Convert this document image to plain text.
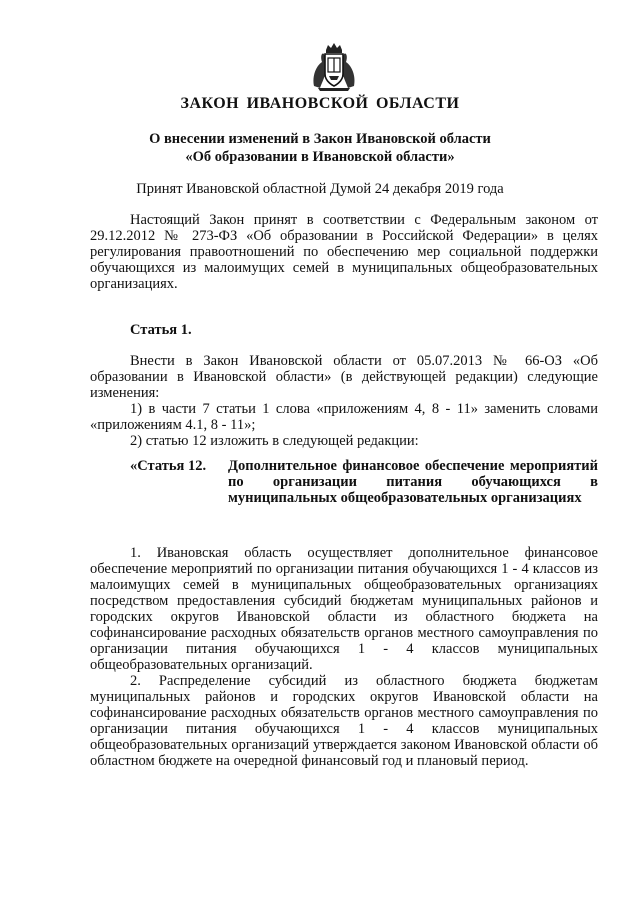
ЗАКОН ИВАНОВСКОЙ ОБЛАСТИ
О внесении изменений в Закон Ивановской области
«Об образовании в Ивановской области»
Принят Ивановской областной Думой 24 декабря 2019 года

Настоящий Закон принят в соответствии с Федеральным законом от 29.12.2012 № 273-ФЗ «Об образовании в Российской Федерации» в целях регулирования правоотношений по обеспечению мер социальной поддержки обучающихся из малоимущих семей в муниципальных общеобразовательных организациях.

Статья 1.

Внести в Закон Ивановской области от 05.07.2013 № 66-ОЗ «Об образовании в Ивановской области» (в действующей редакции) следующие изменения:

1) в части 7 статьи 1 слова «приложениям 4, 8 - 11» заменить словами «приложениям 4.1, 8 - 11»;

2) статью 12 изложить в следующей редакции:

«Статья 12. Дополнительное финансовое обеспечение мероприятий по организации питания обучающихся в муниципальных общеобразовательных организациях

1. Ивановская область осуществляет дополнительное финансовое обеспечение мероприятий по организации питания обучающихся 1 - 4 классов из малоимущих семей в муниципальных общеобразовательных организациях посредством предоставления субсидий бюджетам муниципальных районов и городских округов Ивановской области из областного бюджета на софинансирование расходных обязательств органов местного самоуправления по организации питания обучающихся 1 - 4 классов муниципальных общеобразовательных организаций.

2. Распределение субсидий из областного бюджета бюджетам муниципальных районов и городских округов Ивановской области на софинансирование расходных обязательств органов местного самоуправления по организации питания обучающихся 1 - 4 классов муниципальных общеобразовательных организаций утверждается законом Ивановской области об областном бюджете на очередной финансовый год и плановый период.
